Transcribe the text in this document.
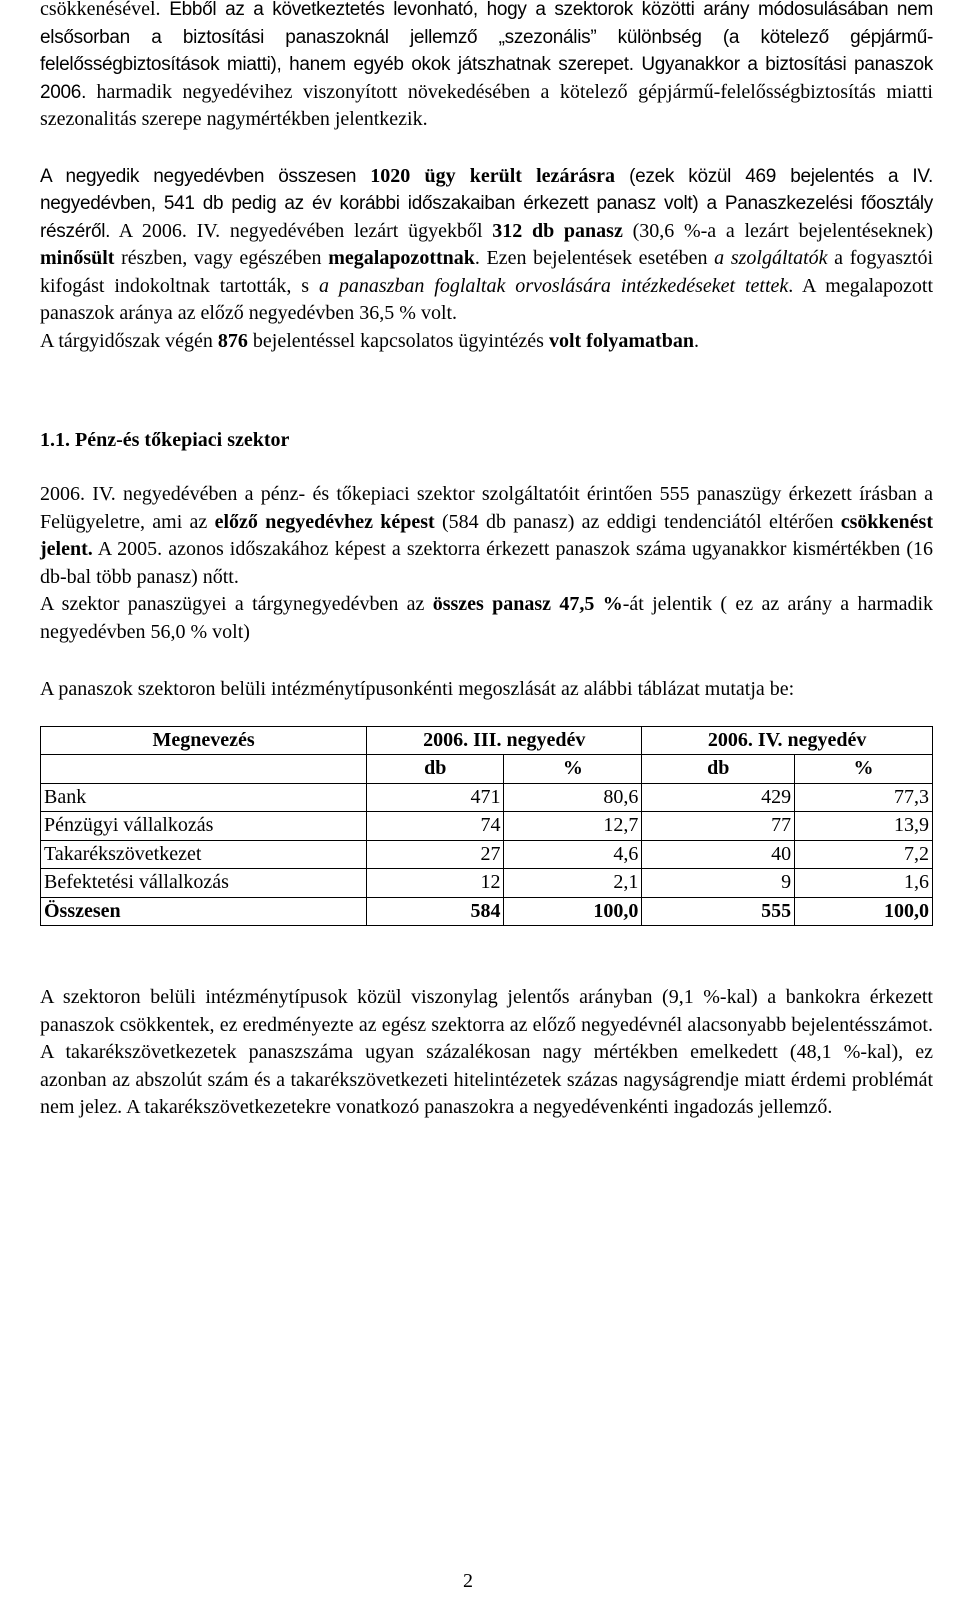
csökkenésével. Ebből az a következtetés levonható, hogy a szektorok közötti arány módosulásában nem elsősorban a biztosítási panaszoknál jellemző „szezonális” különbség (a kötelező gépjármű-felelősségbiztosítások miatti), hanem egyéb okok játszhatnak szerepet. Ugyanakkor a biztosítási panaszok 2006. harmadik negyedévihez viszonyított növekedésében a kötelező gépjármű-felelősségbiztosítás miatti szezonalitás szerepe nagymértékben jelentkezik.

A negyedik negyedévben összesen 1020 ügy került lezárásra (ezek közül 469 bejelentés a IV. negyedévben, 541 db pedig az év korábbi időszakaiban érkezett panasz volt) a Panaszkezelési főosztály részéről. A 2006. IV. negyedévében lezárt ügyekből 312 db panasz (30,6 %-a a lezárt bejelentéseknek) minősült részben, vagy egészében megalapozottnak. Ezen bejelentések esetében a szolgáltatók a fogyasztói kifogást indokoltnak tartották, s a panaszban foglaltak orvoslására intézkedéseket tettek. A megalapozott panaszok aránya az előző negyedévben 36,5 % volt.

A tárgyidőszak végén 876 bejelentéssel kapcsolatos ügyintézés volt folyamatban.

1.1. Pénz-és tőkepiaci szektor

2006. IV. negyedévében a pénz- és tőkepiaci szektor szolgáltatóit érintően 555 panaszügy érkezett írásban a Felügyeletre, ami az előző negyedévhez képest (584 db panasz) az eddigi tendenciától eltérően csökkenést jelent. A 2005. azonos időszakához képest a szektorra érkezett panaszok száma ugyanakkor kismértékben (16 db-bal több panasz) nőtt.

A szektor panaszügyei a tárgynegyedévben az összes panasz 47,5 %-át jelentik ( ez az arány a harmadik negyedévben 56,0 % volt)

A panaszok szektoron belüli intézménytípusonkénti megoszlását az alábbi táblázat mutatja be:

Megnevezés	2006. III. negyedév		2006. IV. negyedév	
	db	%	db	%
Bank	471	80,6	429	77,3
Pénzügyi vállalkozás	74	12,7	77	13,9
Takarékszövetkezet	27	4,6	40	7,2
Befektetési vállalkozás	12	2,1	9	1,6
Összesen	584	100,0	555	100,0

A szektoron belüli intézménytípusok közül viszonylag jelentős arányban (9,1 %-kal) a bankokra érkezett panaszok csökkentek, ez eredményezte az egész szektorra az előző negyedévnél alacsonyabb bejelentésszámot. A takarékszövetkezetek panaszszáma ugyan százalékosan nagy mértékben emelkedett (48,1 %-kal), ez azonban az abszolút szám és a takarékszövetkezeti hitelintézetek százas nagyságrendje miatt érdemi problémát nem jelez. A takarékszövetkezetekre vonatkozó panaszokra a negyedévenkénti ingadozás jellemző.

2
